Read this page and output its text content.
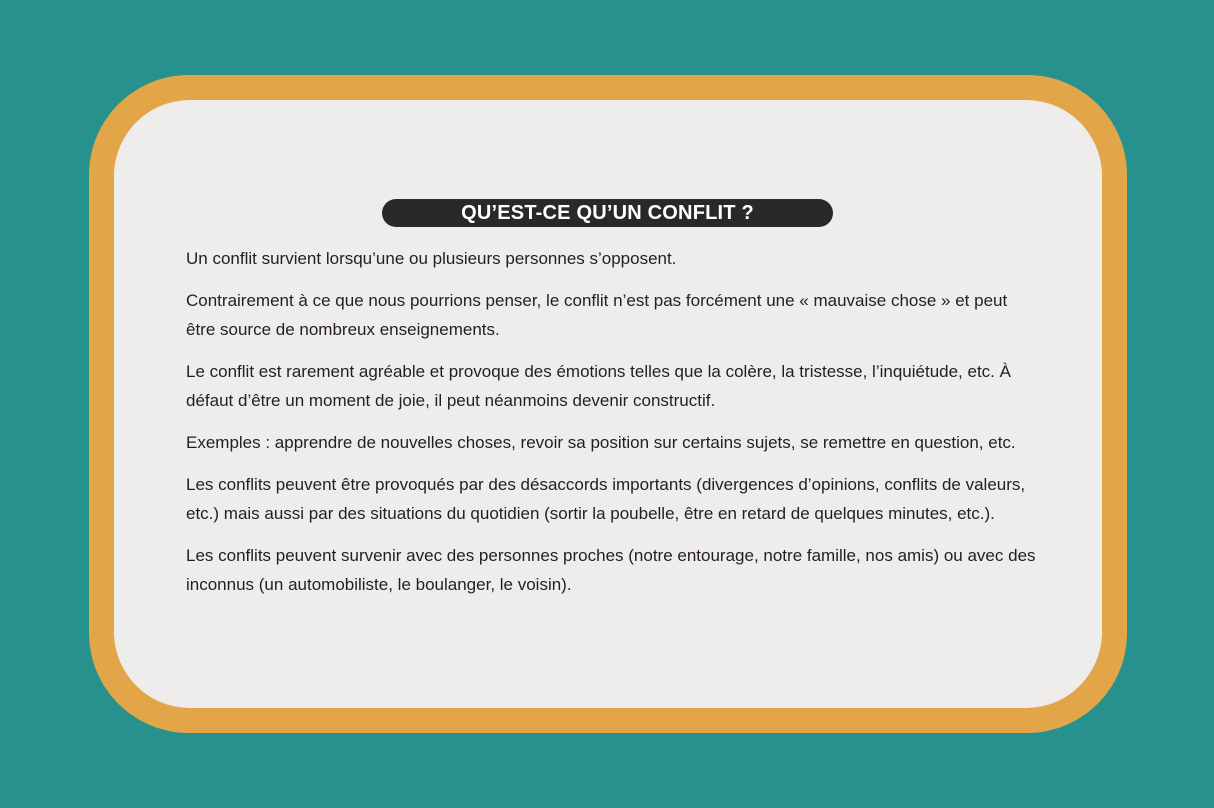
QU’EST-CE QU’UN CONFLIT ?

Un conflit survient lorsqu’une ou plusieurs personnes s’opposent.

Contrairement à ce que nous pourrions penser, le conflit n’est pas forcément une « mauvaise chose » et peut être source de nombreux enseignements.

Le conflit est rarement agréable et provoque des émotions telles que la colère, la tristesse, l’inquiétude, etc. À défaut d’être un moment de joie, il peut néanmoins devenir constructif.

Exemples : apprendre de nouvelles choses, revoir sa position sur certains sujets, se remettre en question, etc.

Les conflits peuvent être provoqués par des désaccords importants (divergences d’opinions, conflits de valeurs, etc.) mais aussi par des situations du quotidien (sortir la poubelle, être en retard de quelques minutes, etc.).

Les conflits peuvent survenir avec des personnes proches (notre entourage, notre famille, nos amis) ou avec des inconnus (un automobiliste, le boulanger, le voisin).
